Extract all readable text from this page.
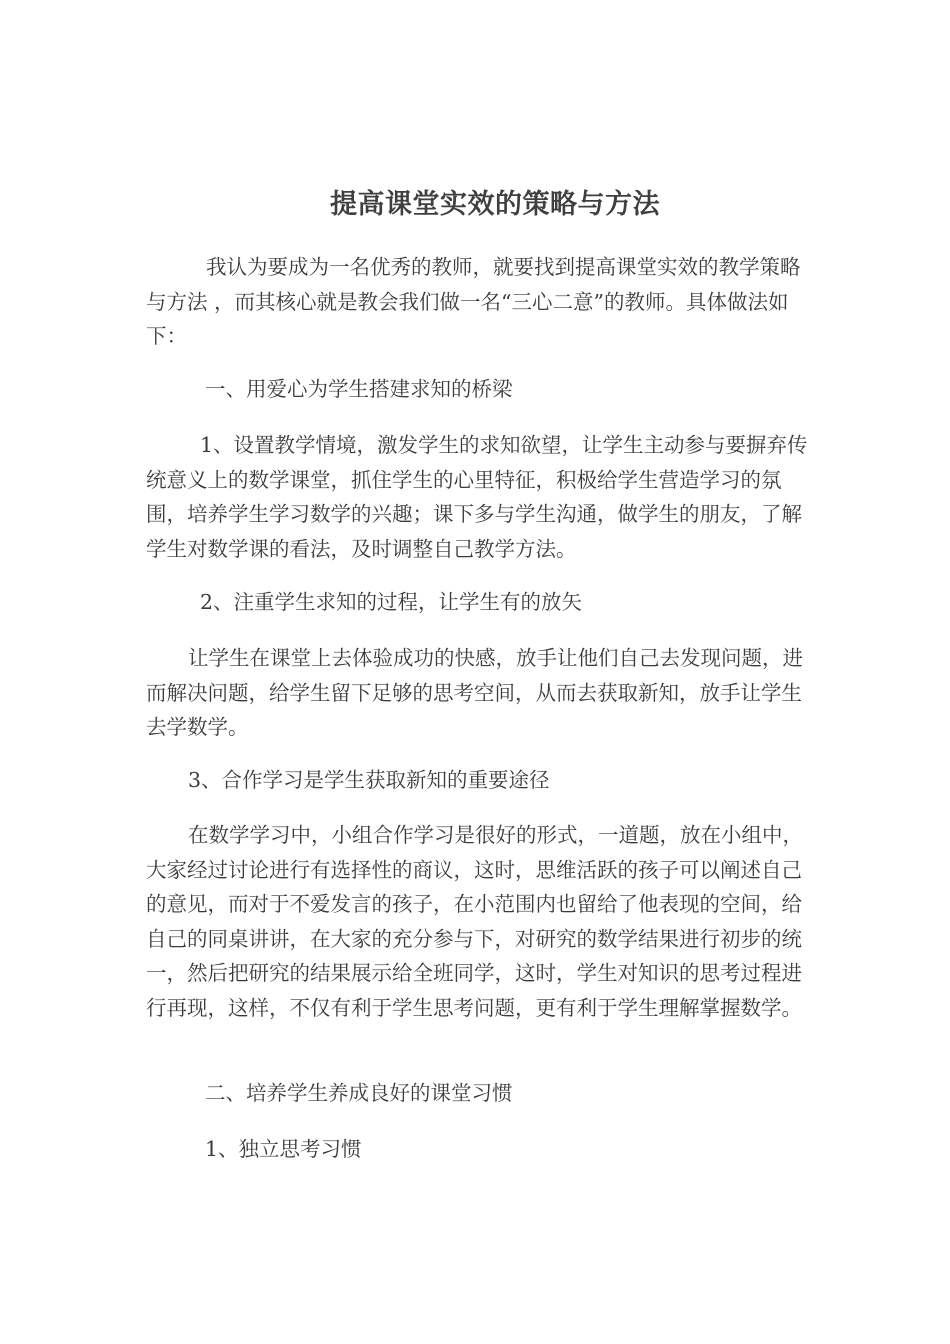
提高课堂实效的策略与方法

我认为要成为一名优秀的教师，就要找到提高课堂实效的教学策略与方法 ，而其核心就是教会我们做一名“三心二意”的教师。具体做法如下：

一、用爱心为学生搭建求知的桥梁

1、设置教学情境，激发学生的求知欲望，让学生主动参与要摒弃传统意义上的数学课堂，抓住学生的心里特征，积极给学生营造学习的氛围，培养学生学习数学的兴趣；课下多与学生沟通，做学生的朋友，了解学生对数学课的看法，及时调整自己教学方法。

2、注重学生求知的过程，让学生有的放矢

让学生在课堂上去体验成功的快感，放手让他们自己去发现问题，进而解决问题，给学生留下足够的思考空间，从而去获取新知，放手让学生去学数学。

3、合作学习是学生获取新知的重要途径

在数学学习中，小组合作学习是很好的形式，一道题，放在小组中，大家经过讨论进行有选择性的商议，这时，思维活跃的孩子可以阐述自己的意见，而对于不爱发言的孩子，在小范围内也留给了他表现的空间，给自己的同桌讲讲，在大家的充分参与下，对研究的数学结果进行初步的统一，然后把研究的结果展示给全班同学，这时，学生对知识的思考过程进行再现，这样，不仅有利于学生思考问题，更有利于学生理解掌握数学。

二、培养学生养成良好的课堂习惯

1、独立思考习惯
